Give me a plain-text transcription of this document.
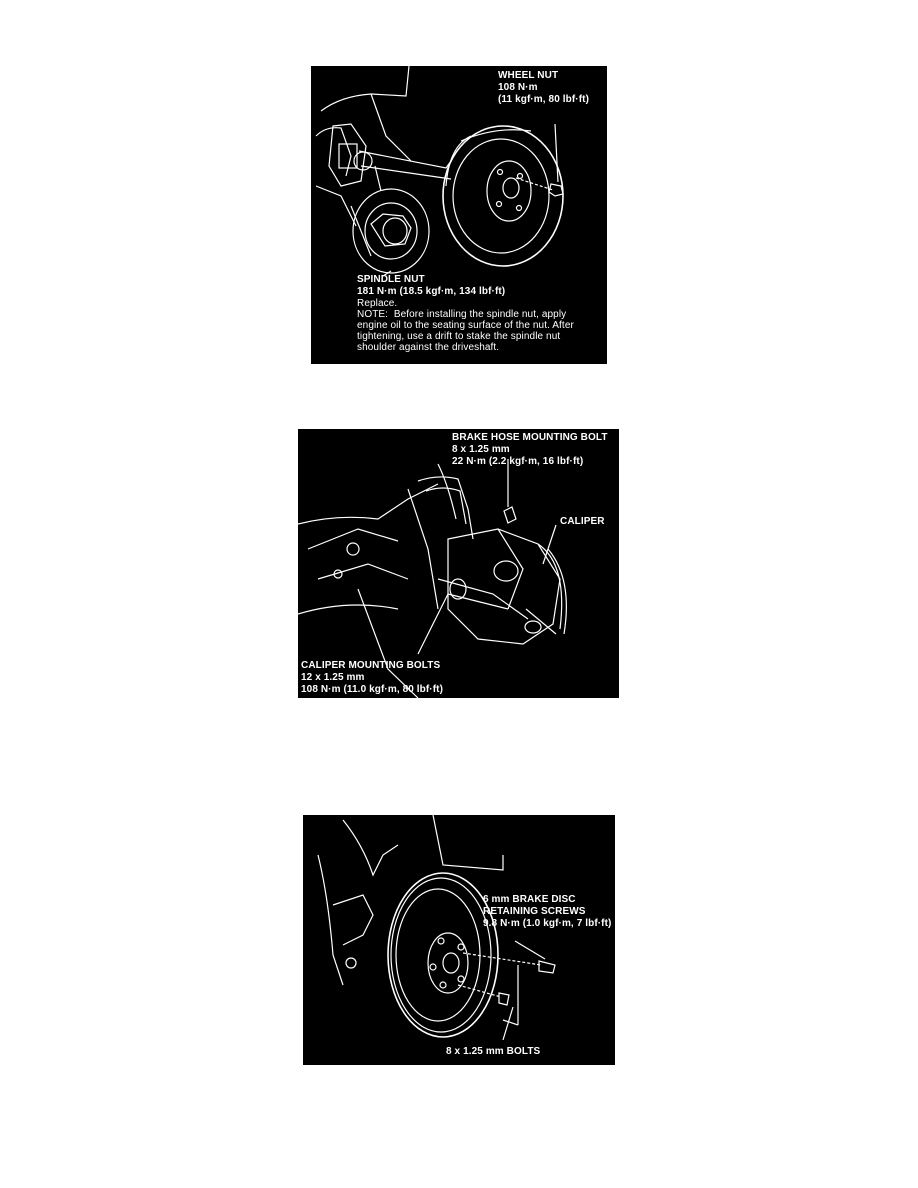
WHEEL NUT
108 N·m
(11 kgf·m, 80 lbf·ft)
SPINDLE NUT
181 N·m (18.5 kgf·m, 134 lbf·ft)
Replace.
NOTE:  Before installing the spindle nut, apply
engine oil to the seating surface of the nut. After
tightening, use a drift to stake the spindle nut
shoulder against the driveshaft.
BRAKE HOSE MOUNTING BOLT
8 x 1.25 mm
22 N·m (2.2 kgf·m, 16 lbf·ft)
CALIPER
CALIPER MOUNTING BOLTS
12 x 1.25 mm
108 N·m (11.0 kgf·m, 80 lbf·ft)
6 mm BRAKE DISC
RETAINING SCREWS
9.8 N·m (1.0 kgf·m, 7 lbf·ft)
8 x 1.25 mm BOLTS
